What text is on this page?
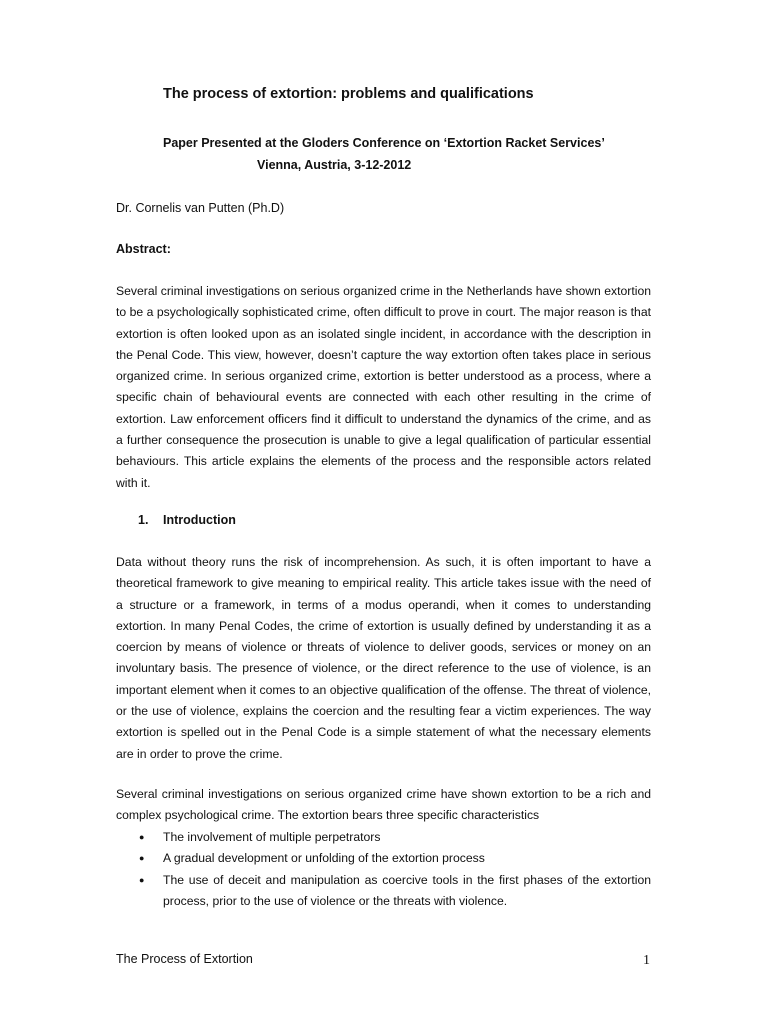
The process of extortion: problems and qualifications
Paper Presented at the Gloders Conference on ‘Extortion Racket Services’
Vienna, Austria, 3-12-2012
Dr. Cornelis van Putten (Ph.D)
Abstract:
Several criminal investigations on serious organized crime in the Netherlands have shown extortion to be a psychologically sophisticated crime, often difficult to prove in court. The major reason is that extortion is often looked upon as an isolated single incident, in accordance with the description in the Penal Code. This view, however, doesn’t capture the way extortion often takes place in serious organized crime. In serious organized crime, extortion is better understood as a process, where a specific chain of behavioural events are connected with each other resulting in the crime of extortion. Law enforcement officers find it difficult to understand the dynamics of the crime, and as a further consequence the prosecution is unable to give a legal qualification of particular essential behaviours. This article explains the elements of the process and the responsible actors related with it.
1. Introduction
Data without theory runs the risk of incomprehension. As such, it is often important to have a theoretical framework to give meaning to empirical reality. This article takes issue with the need of a structure or a framework, in terms of a modus operandi, when it comes to understanding extortion. In many Penal Codes, the crime of extortion is usually defined by understanding it as a coercion by means of violence or threats of violence to deliver goods, services or money on an involuntary basis. The presence of violence, or the direct reference to the use of violence, is an important element when it comes to an objective qualification of the offense. The threat of violence, or the use of violence, explains the coercion and the resulting fear a victim experiences. The way extortion is spelled out in the Penal Code is a simple statement of what the necessary elements are in order to prove the crime.
Several criminal investigations on serious organized crime have shown extortion to be a rich and complex psychological crime. The extortion bears three specific characteristics
● The involvement of multiple perpetrators
● A gradual development or unfolding of the extortion process
● The use of deceit and manipulation as coercive tools in the first phases of the extortion process, prior to the use of violence or the threats with violence.
The Process of Extortion	1
